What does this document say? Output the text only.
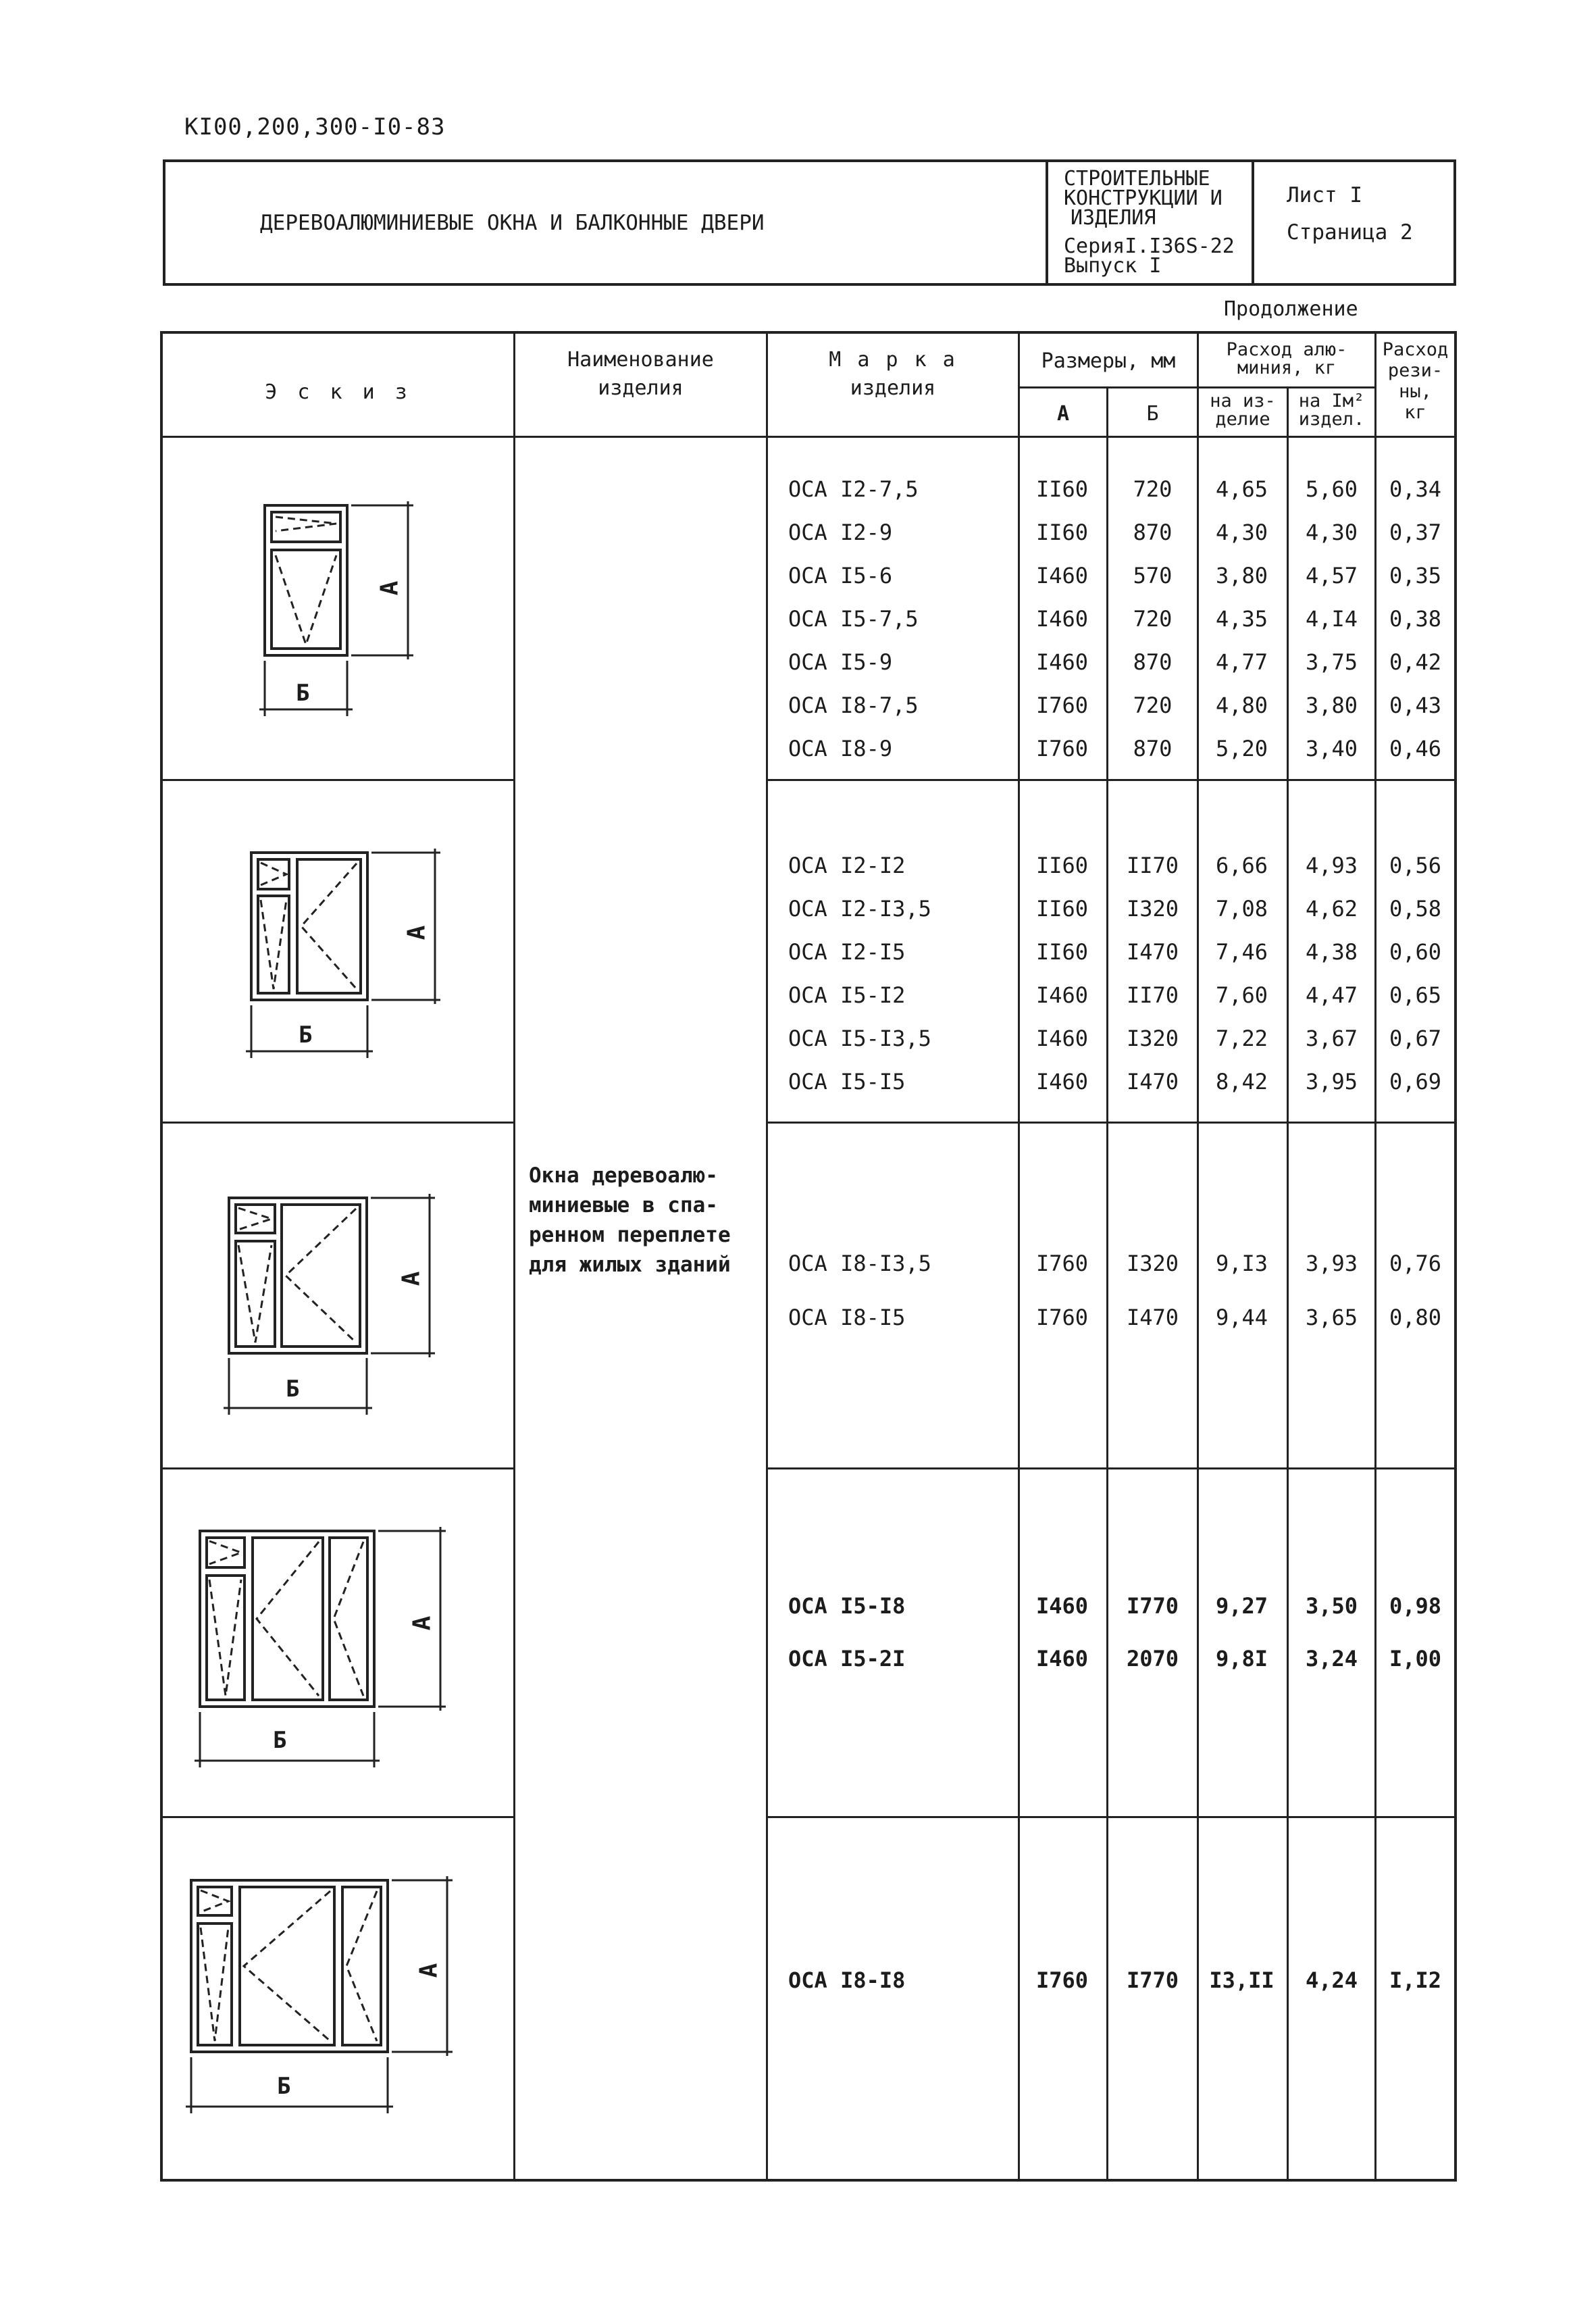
КI00,200,300-I0-83
ДЕРЕВОАЛЮМИНИЕВЫЕ ОКНА И БАЛКОННЫЕ ДВЕРИ
СТРОИТЕЛЬНЫЕ
КОНСТРУКЦИИ И
ИЗДЕЛИЯ
СерияI.I36S-22
Выпуск I
Лист I
Страница 2
Продолжение
Э с к и з
Наименование
изделия
М а р к а
изделия
Размеры, мм
А	Б
Расход алю-
миния, кг
на из-
делие
на Iм²
издел.
Расход
рези-
ны,
кг
Окна деревоалю-
миниевые в спа-
ренном переплете
для жилых зданий
ОСА I2-7,5	II60	720	4,65	5,60	0,34
ОСА I2-9	II60	870	4,30	4,30	0,37
ОСА I5-6	I460	570	3,80	4,57	0,35
ОСА I5-7,5	I460	720	4,35	4,I4	0,38
ОСА I5-9	I460	870	4,77	3,75	0,42
ОСА I8-7,5	I760	720	4,80	3,80	0,43
ОСА I8-9	I760	870	5,20	3,40	0,46
ОСА I2-I2	II60	II70	6,66	4,93	0,56
ОСА I2-I3,5	II60	I320	7,08	4,62	0,58
ОСА I2-I5	II60	I470	7,46	4,38	0,60
ОСА I5-I2	I460	II70	7,60	4,47	0,65
ОСА I5-I3,5	I460	I320	7,22	3,67	0,67
ОСА I5-I5	I460	I470	8,42	3,95	0,69
ОСА I8-I3,5	I760	I320	9,I3	3,93	0,76
ОСА I8-I5	I760	I470	9,44	3,65	0,80
ОСА I5-I8	I460	I770	9,27	3,50	0,98
ОСА I5-2I	I460	2070	9,8I	3,24	I,00
ОСА I8-I8	I760	I770	I3,II	4,24	I,I2
А
Б
А
Б
А
Б
А
Б
А
Б
